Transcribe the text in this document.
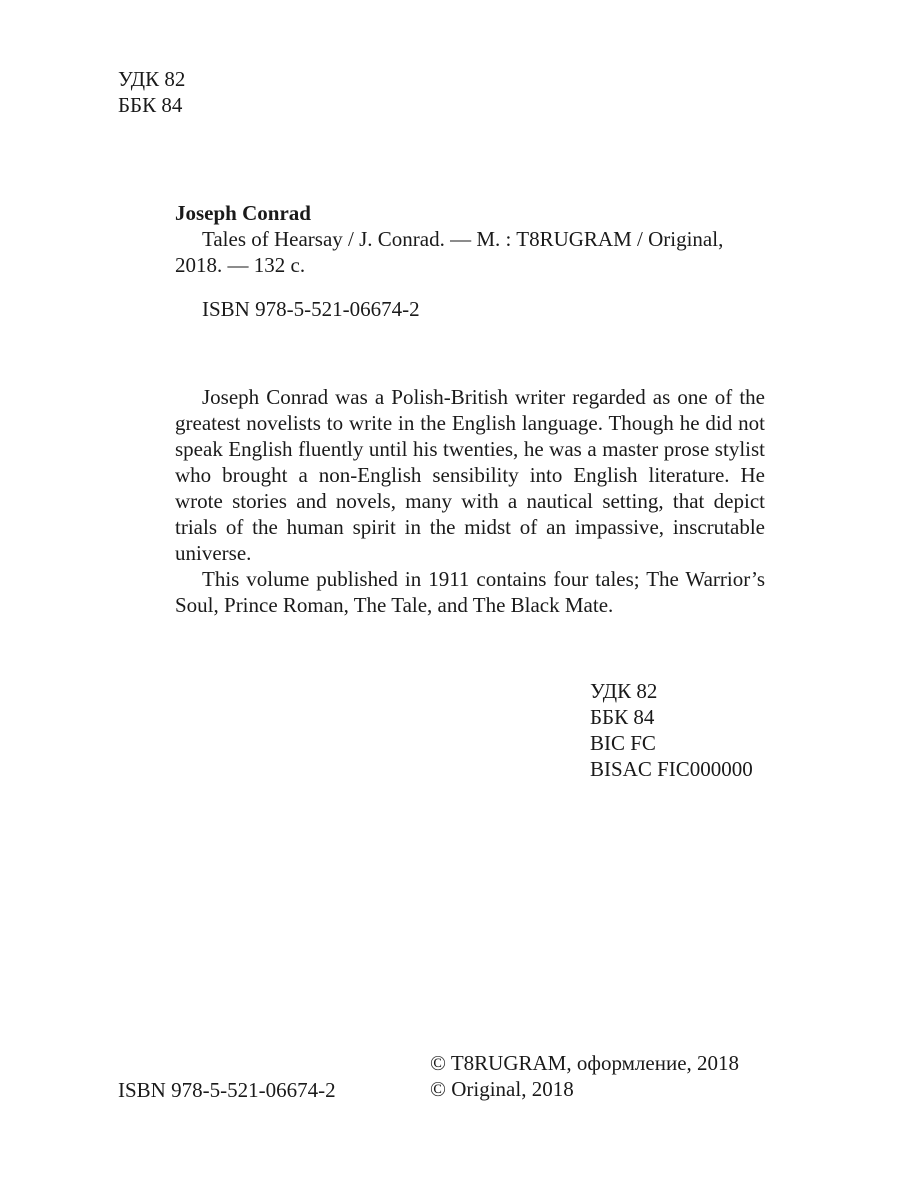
УДК 82
ББК 84
Joseph Conrad
Tales of Hearsay / J. Conrad. — M. : T8RUGRAM / Original,
2018. — 132 с.
ISBN 978-5-521-06674-2

Joseph Conrad was a Polish-British writer regarded as one of the greatest novelists to write in the English language. Though he did not speak English fluently until his twenties, he was a master prose stylist who brought a non-English sensibility into English literature. He wrote stories and novels, many with a nautical setting, that depict trials of the human spirit in the midst of an impassive, inscrutable universe.

This volume published in 1911 contains four tales; The Warrior’s Soul, Prince Roman, The Tale, and The Black Mate.

УДК 82
ББК 84
BIC FC
BISAC FIC000000
ISBN 978-5-521-06674-2
© T8RUGRAM, оформление, 2018
© Original, 2018
